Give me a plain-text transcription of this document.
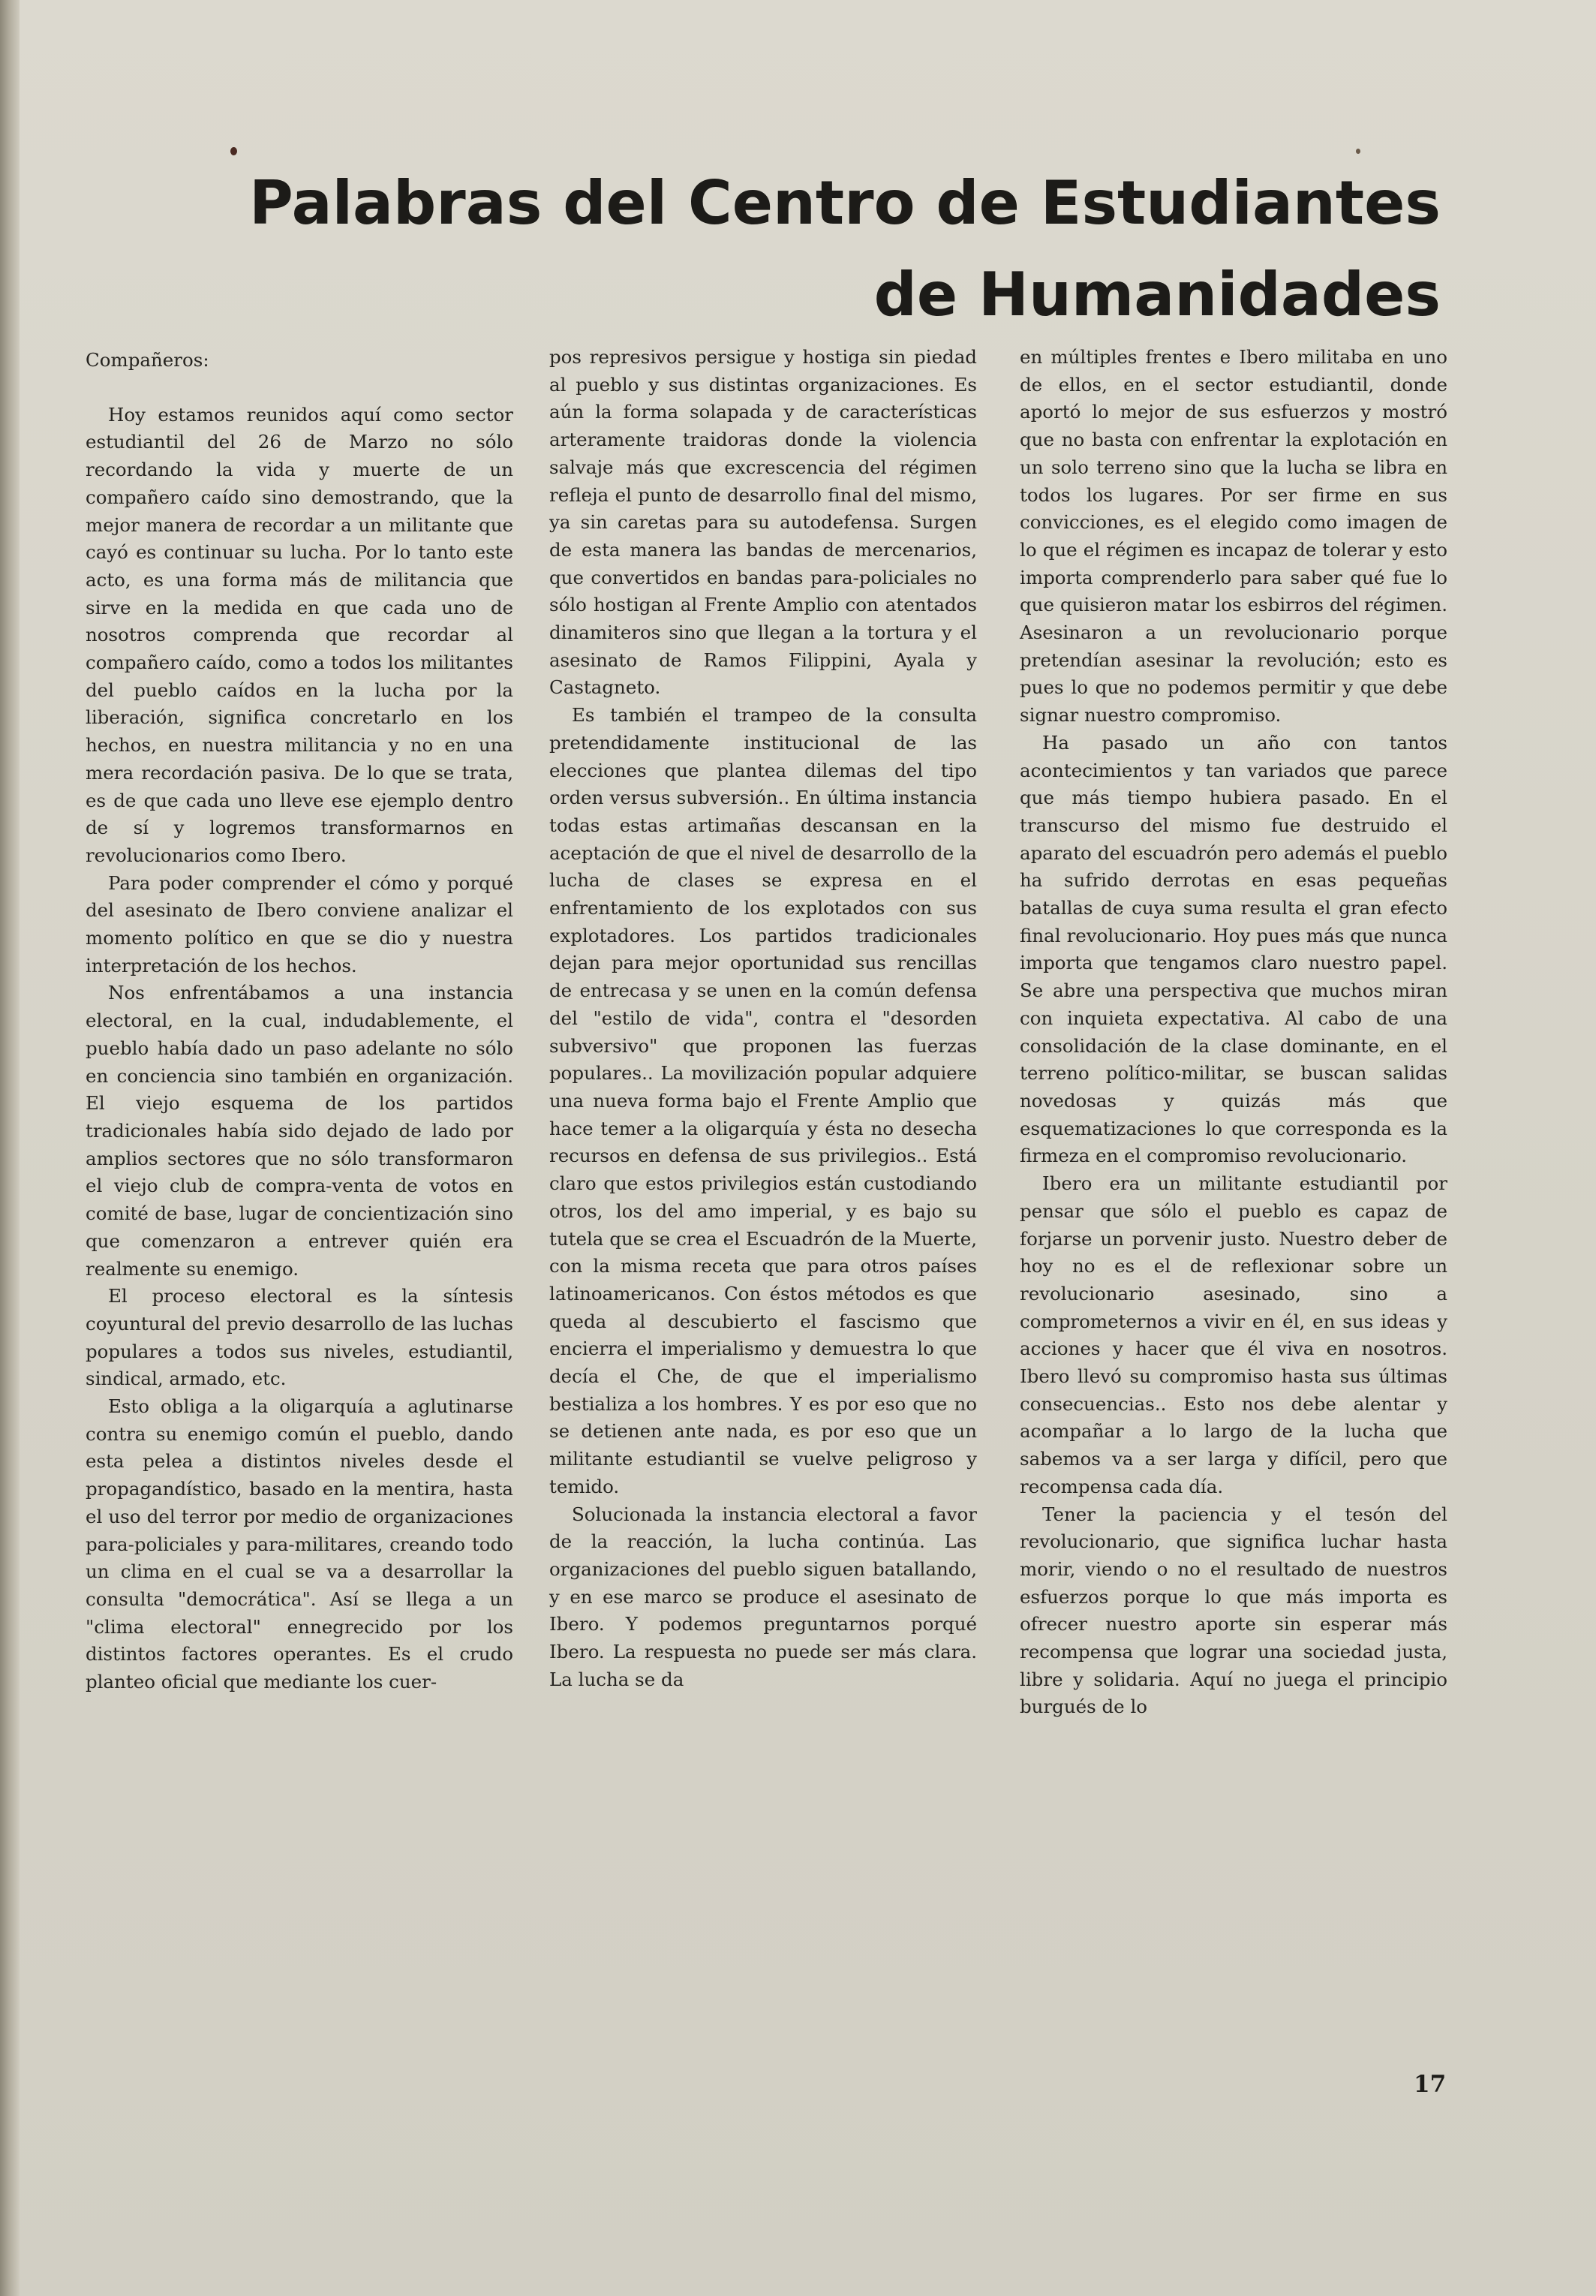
Palabras del Centro de Estudiantes
de Humanidades

Compañeros:

Hoy estamos reunidos aquí como sector estudiantil del 26 de Marzo no sólo recordando la vida y muerte de un compañero caído sino demostrando, que la mejor manera de recordar a un militante que cayó es continuar su lucha. Por lo tanto este acto, es una forma más de militancia que sirve en la medida en que cada uno de nosotros comprenda que recordar al compañero caído, como a todos los militantes del pueblo caídos en la lucha por la liberación, significa concretarlo en los hechos, en nuestra militancia y no en una mera recordación pasiva. De lo que se trata, es de que cada uno lleve ese ejemplo dentro de sí y logremos transformarnos en revolucionarios como Ibero.

Para poder comprender el cómo y porqué del asesinato de Ibero conviene analizar el momento político en que se dio y nuestra interpretación de los hechos.

Nos enfrentábamos a una instancia electoral, en la cual, indudablemente, el pueblo había dado un paso adelante no sólo en conciencia sino también en organización. El viejo esquema de los partidos tradicionales había sido dejado de lado por amplios sectores que no sólo transformaron el viejo club de compra-venta de votos en comité de base, lugar de concientización sino que comenzaron a entrever quién era realmente su enemigo.

El proceso electoral es la síntesis coyuntural del previo desarrollo de las luchas populares a todos sus niveles, estudiantil, sindical, armado, etc.

Esto obliga a la oligarquía a aglutinarse contra su enemigo común el pueblo, dando esta pelea a distintos niveles desde el propagandístico, basado en la mentira, hasta el uso del terror por medio de organizaciones para-policiales y para-militares, creando todo un clima en el cual se va a desarrollar la consulta "democrática". Así se llega a un "clima electoral" ennegrecido por los distintos factores operantes. Es el crudo planteo oficial que mediante los cuer-

pos represivos persigue y hostiga sin piedad al pueblo y sus distintas organizaciones. Es aún la forma solapada y de características arteramente traidoras donde la violencia salvaje más que excrescencia del régimen refleja el punto de desarrollo final del mismo, ya sin caretas para su autodefensa. Surgen de esta manera las bandas de mercenarios, que convertidos en bandas para-policiales no sólo hostigan al Frente Amplio con atentados dinamiteros sino que llegan a la tortura y el asesinato de Ramos Filippini, Ayala y Castagneto.

Es también el trampeo de la consulta pretendidamente institucional de las elecciones que plantea dilemas del tipo orden versus subversión.. En última instancia todas estas artimañas descansan en la aceptación de que el nivel de desarrollo de la lucha de clases se expresa en el enfrentamiento de los explotados con sus explotadores. Los partidos tradicionales dejan para mejor oportunidad sus rencillas de entrecasa y se unen en la común defensa del "estilo de vida", contra el "desorden subversivo" que proponen las fuerzas populares.. La movilización popular adquiere una nueva forma bajo el Frente Amplio que hace temer a la oligarquía y ésta no desecha recursos en defensa de sus privilegios.. Está claro que estos privilegios están custodiando otros, los del amo imperial, y es bajo su tutela que se crea el Escuadrón de la Muerte, con la misma receta que para otros países latinoamericanos. Con éstos métodos es que queda al descubierto el fascismo que encierra el imperialismo y demuestra lo que decía el Che, de que el imperialismo bestializa a los hombres. Y es por eso que no se detienen ante nada, es por eso que un militante estudiantil se vuelve peligroso y temido.

Solucionada la instancia electoral a favor de la reacción, la lucha continúa. Las organizaciones del pueblo siguen batallando, y en ese marco se produce el asesinato de Ibero. Y podemos preguntarnos porqué Ibero. La respuesta no puede ser más clara. La lucha se da

en múltiples frentes e Ibero militaba en uno de ellos, en el sector estudiantil, donde aportó lo mejor de sus esfuerzos y mostró que no basta con enfrentar la explotación en un solo terreno sino que la lucha se libra en todos los lugares. Por ser firme en sus convicciones, es el elegido como imagen de lo que el régimen es incapaz de tolerar y esto importa comprenderlo para saber qué fue lo que quisieron matar los esbirros del régimen. Asesinaron a un revolucionario porque pretendían asesinar la revolución; esto es pues lo que no podemos permitir y que debe signar nuestro compromiso.

Ha pasado un año con tantos acontecimientos y tan variados que parece que más tiempo hubiera pasado. En el transcurso del mismo fue destruido el aparato del escuadrón pero además el pueblo ha sufrido derrotas en esas pequeñas batallas de cuya suma resulta el gran efecto final revolucionario. Hoy pues más que nunca importa que tengamos claro nuestro papel. Se abre una perspectiva que muchos miran con inquieta expectativa. Al cabo de una consolidación de la clase dominante, en el terreno político-militar, se buscan salidas novedosas y quizás más que esquematizaciones lo que corresponda es la firmeza en el compromiso revolucionario.

Ibero era un militante estudiantil por pensar que sólo el pueblo es capaz de forjarse un porvenir justo. Nuestro deber de hoy no es el de reflexionar sobre un revolucionario asesinado, sino a comprometernos a vivir en él, en sus ideas y acciones y hacer que él viva en nosotros. Ibero llevó su compromiso hasta sus últimas consecuencias.. Esto nos debe alentar y acompañar a lo largo de la lucha que sabemos va a ser larga y difícil, pero que recompensa cada día.

Tener la paciencia y el tesón del revolucionario, que significa luchar hasta morir, viendo o no el resultado de nuestros esfuerzos porque lo que más importa es ofrecer nuestro aporte sin esperar más recompensa que lograr una sociedad justa, libre y solidaria. Aquí no juega el principio burgués de lo

17
